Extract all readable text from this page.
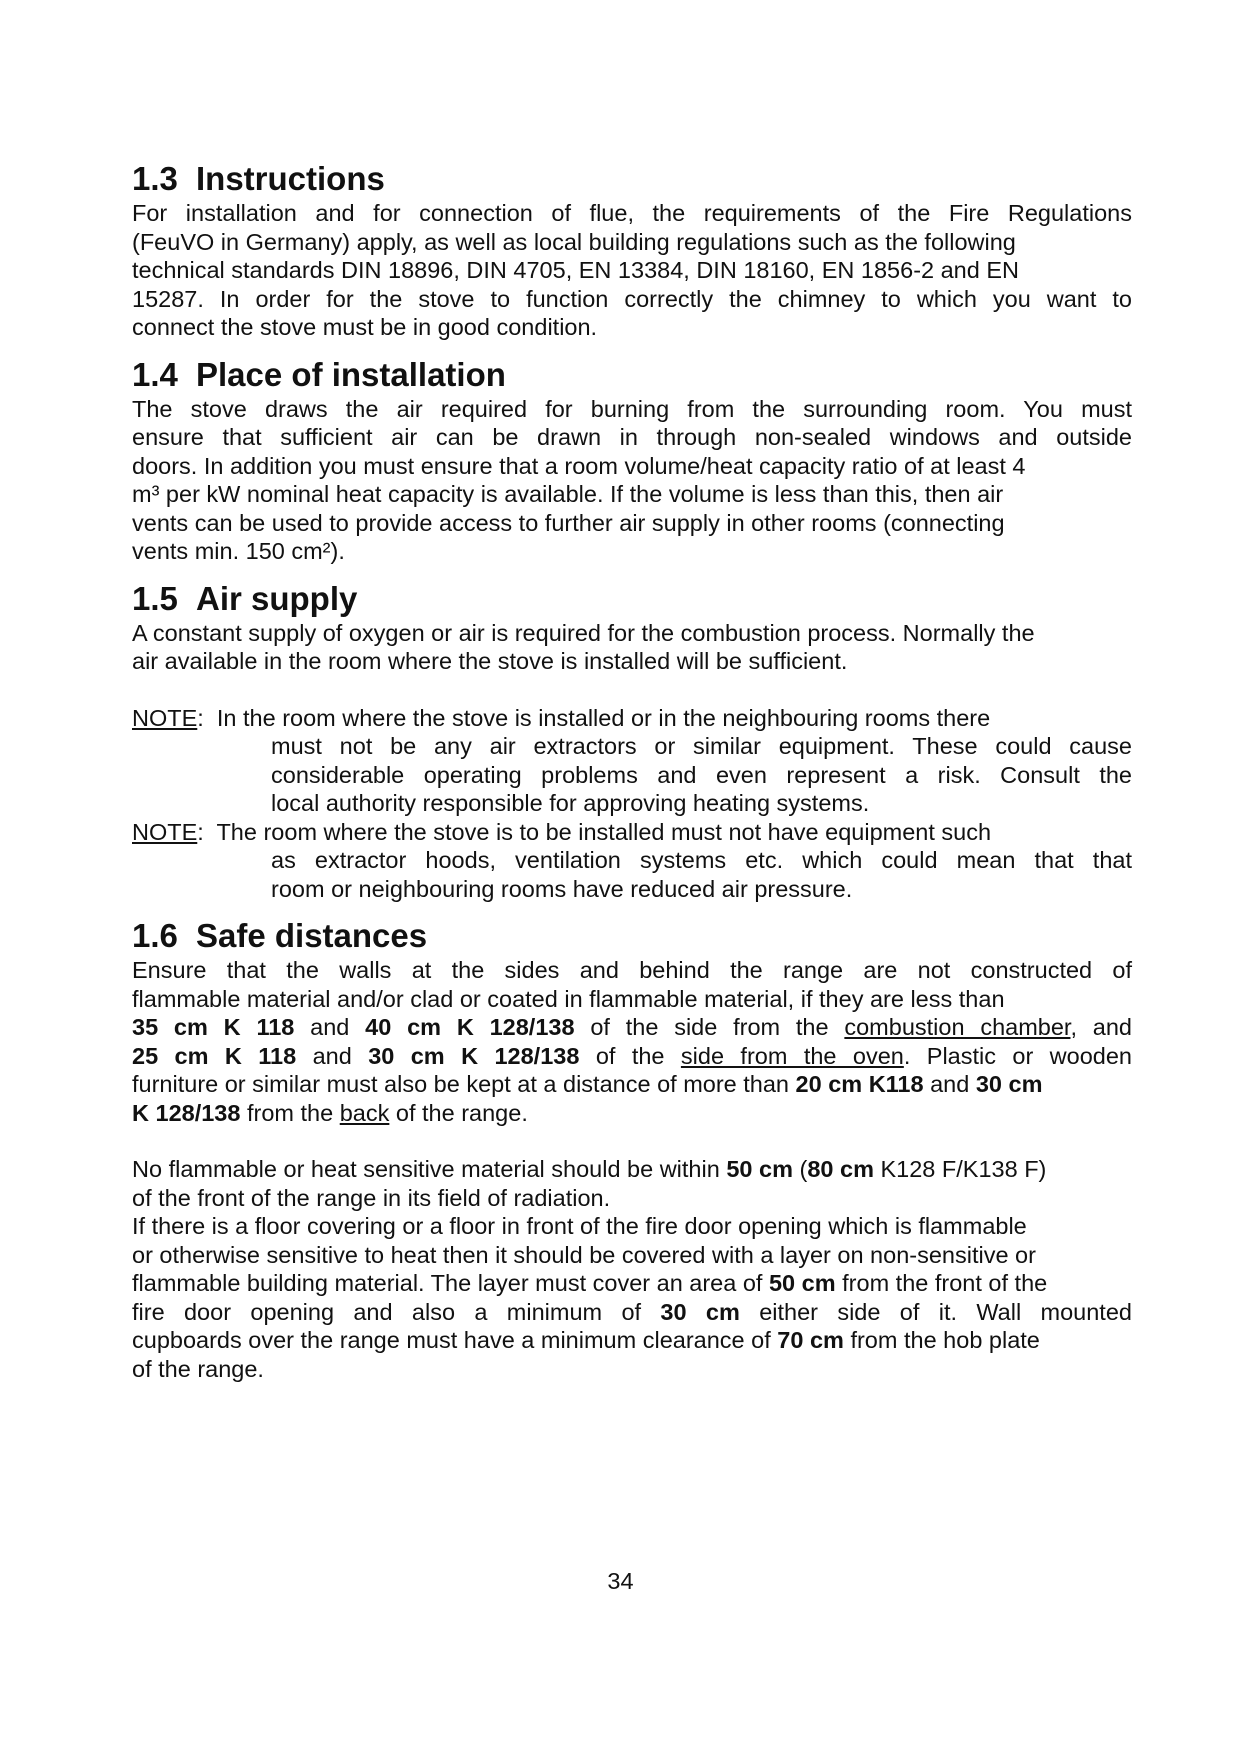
1.3 Instructions

For installation and for connection of flue, the requirements of the Fire Regulations
(FeuVO in Germany) apply, as well as local building regulations such as the following
technical standards DIN 18896, DIN 4705, EN 13384, DIN 18160, EN 1856-2 and EN
15287. In order for the stove to function correctly the chimney to which you want to
connect the stove must be in good condition.

1.4 Place of installation

The stove draws the air required for burning from the surrounding room. You must
ensure that sufficient air can be drawn in through non-sealed windows and outside
doors. In addition you must ensure that a room volume/heat capacity ratio of at least 4
m³ per kW nominal heat capacity is available. If the volume is less than this, then air
vents can be used to provide access to further air supply in other rooms (connecting
vents min. 150 cm²).

1.5 Air supply

A constant supply of oxygen or air is required for the combustion process. Normally the
air available in the room where the stove is installed will be sufficient.

NOTE:  In the room where the stove is installed or in the neighbouring rooms there
must not be any air extractors or similar equipment. These could cause
considerable operating problems and even represent a risk. Consult the
local authority responsible for approving heating systems.
NOTE:  The room where the stove is to be installed must not have equipment such
as extractor hoods, ventilation systems etc. which could mean that that
room or neighbouring rooms have reduced air pressure.
1.6 Safe distances

Ensure that the walls at the sides and behind the range are not constructed of
flammable material and/or clad or coated in flammable material, if they are less than
35 cm K 118 and 40 cm K 128/138 of the side from the combustion chamber, and
25 cm K 118 and 30 cm K 128/138 of the side from the oven. Plastic or wooden
furniture or similar must also be kept at a distance of more than 20 cm K118 and 30 cm
K 128/138 from the back of the range.

No flammable or heat sensitive material should be within 50 cm (80 cm K128 F/K138 F)
of the front of the range in its field of radiation.
If there is a floor covering or a floor in front of the fire door opening which is flammable
or otherwise sensitive to heat then it should be covered with a layer on non-sensitive or
flammable building material. The layer must cover an area of 50 cm from the front of the
fire door opening and also a minimum of 30 cm either side of it. Wall mounted
cupboards over the range must have a minimum clearance of 70 cm from the hob plate
of the range.

34
